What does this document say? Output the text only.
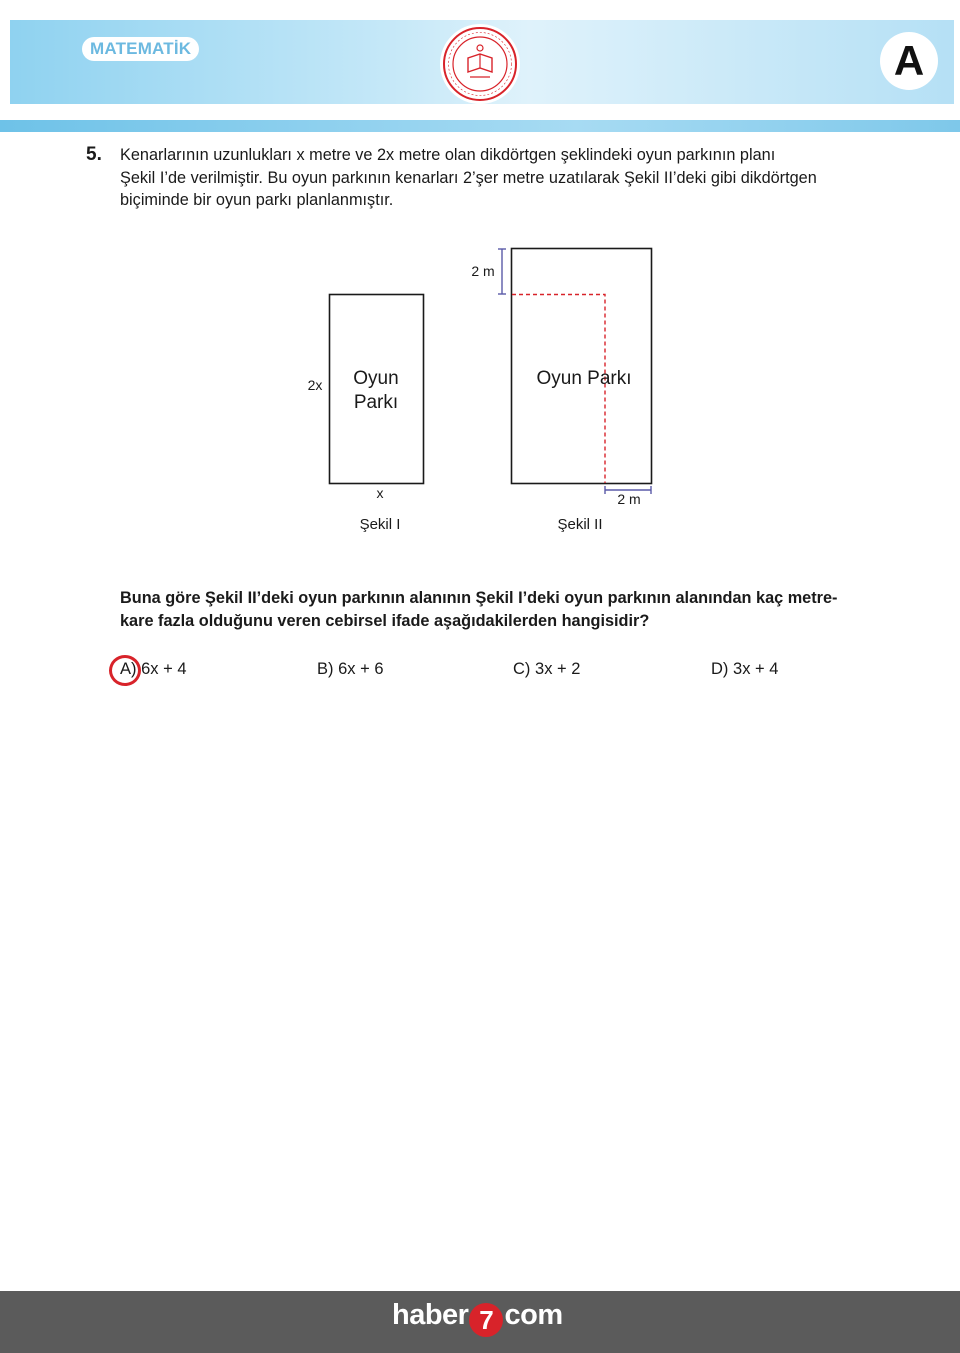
MATEMATİK	A
5. Kenarlarının uzunlukları x metre ve 2x metre olan dikdörtgen şeklindeki oyun parkının planı
Şekil I’de verilmiştir. Bu oyun parkının kenarları 2’şer metre uzatılarak Şekil II’deki gibi dikdörtgen
biçiminde bir oyun parkı planlanmıştır.
Oyun
Parkı
2x
x
Şekil I
Oyun Parkı
2 m
2 m
Şekil II
Buna göre Şekil II’deki oyun parkının alanının Şekil I’deki oyun parkının alanından kaç metre-
kare fazla olduğunu veren cebirsel ifade aşağıdakilerden hangisidir?
A) 6x + 4	B) 6x + 6	C) 3x + 2	D) 3x + 4
haber 7 com
